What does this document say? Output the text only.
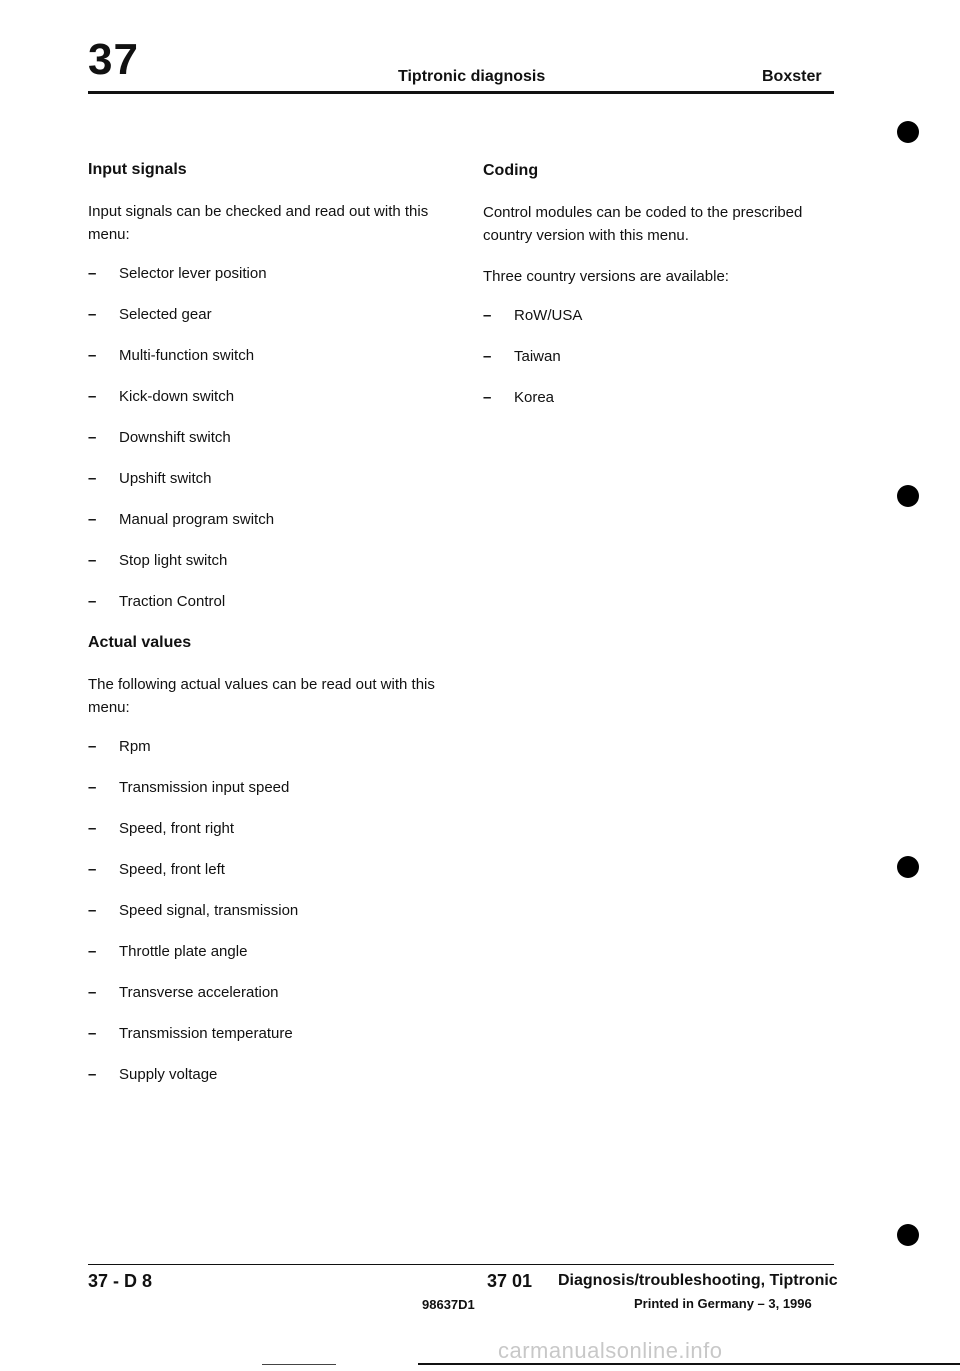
37	Tiptronic diagnosis	Boxster
Input signals

Input signals can be checked and read out with this menu:

– Selector lever position
– Selected gear
– Multi-function switch
– Kick-down switch
– Downshift switch
– Upshift switch
– Manual program switch
– Stop light switch
– Traction Control
Actual values

The following actual values can be read out with this menu:

– Rpm
– Transmission input speed
– Speed, front right
– Speed, front left
– Speed signal, transmission
– Throttle plate angle
– Transverse acceleration
– Transmission temperature
– Supply voltage
Coding

Control modules can be coded to the prescribed country version with this menu.

Three country versions are available:

– RoW/USA
– Taiwan
– Korea
37 - D 8	37 01 Diagnosis/troubleshooting, Tiptronic
98637D1	Printed in Germany – 3, 1996
carmanualsonline.info
